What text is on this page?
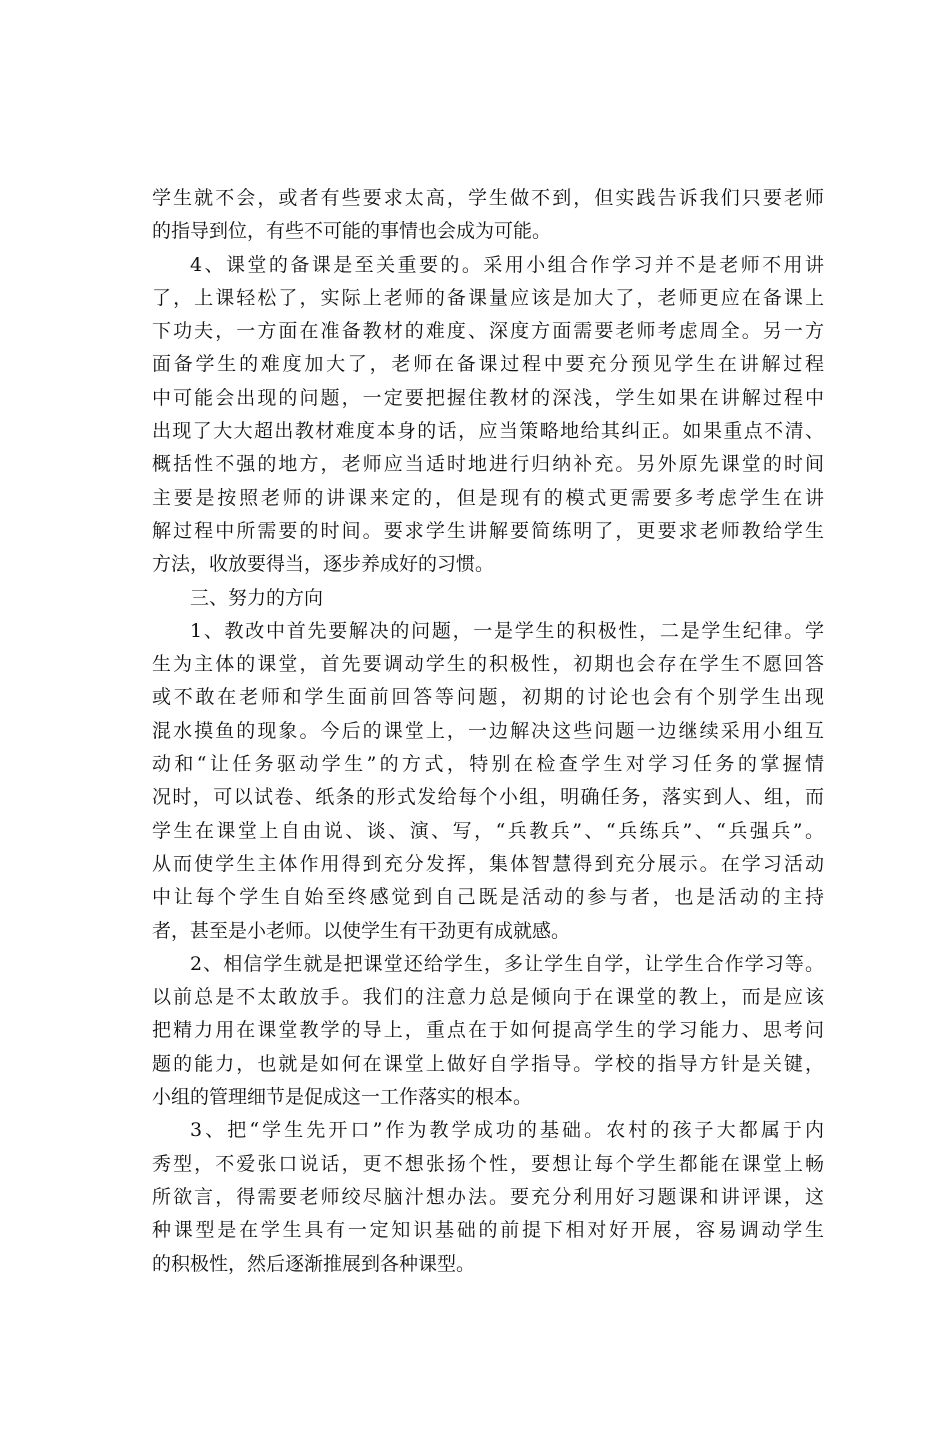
学生就不会，或者有些要求太高，学生做不到，但实践告诉我们只要老师
的指导到位，有些不可能的事情也会成为可能。
4、课堂的备课是至关重要的。采用小组合作学习并不是老师不用讲
了，上课轻松了，实际上老师的备课量应该是加大了，老师更应在备课上
下功夫，一方面在准备教材的难度、深度方面需要老师考虑周全。另一方
面备学生的难度加大了，老师在备课过程中要充分预见学生在讲解过程
中可能会出现的问题，一定要把握住教材的深浅，学生如果在讲解过程中
出现了大大超出教材难度本身的话，应当策略地给其纠正。如果重点不清、
概括性不强的地方，老师应当适时地进行归纳补充。另外原先课堂的时间
主要是按照老师的讲课来定的，但是现有的模式更需要多考虑学生在讲
解过程中所需要的时间。要求学生讲解要简练明了，更要求老师教给学生
方法，收放要得当，逐步养成好的习惯。
三、努力的方向
1、教改中首先要解决的问题，一是学生的积极性，二是学生纪律。学
生为主体的课堂，首先要调动学生的积极性，初期也会存在学生不愿回答
或不敢在老师和学生面前回答等问题，初期的讨论也会有个别学生出现
混水摸鱼的现象。今后的课堂上，一边解决这些问题一边继续采用小组互
动和“让任务驱动学生”的方式，特别在检查学生对学习任务的掌握情
况时，可以试卷、纸条的形式发给每个小组，明确任务，落实到人、组，而
学生在课堂上自由说、谈、演、写，“兵教兵”、“兵练兵”、“兵强兵”。
从而使学生主体作用得到充分发挥，集体智慧得到充分展示。在学习活动
中让每个学生自始至终感觉到自己既是活动的参与者，也是活动的主持
者，甚至是小老师。以使学生有干劲更有成就感。
2、相信学生就是把课堂还给学生，多让学生自学，让学生合作学习等。
以前总是不太敢放手。我们的注意力总是倾向于在课堂的教上，而是应该
把精力用在课堂教学的导上，重点在于如何提高学生的学习能力、思考问
题的能力，也就是如何在课堂上做好自学指导。学校的指导方针是关键，
小组的管理细节是促成这一工作落实的根本。
3、把“学生先开口”作为教学成功的基础。农村的孩子大都属于内
秀型，不爱张口说话，更不想张扬个性，要想让每个学生都能在课堂上畅
所欲言，得需要老师绞尽脑汁想办法。要充分利用好习题课和讲评课，这
种课型是在学生具有一定知识基础的前提下相对好开展，容易调动学生
的积极性，然后逐渐推展到各种课型。
